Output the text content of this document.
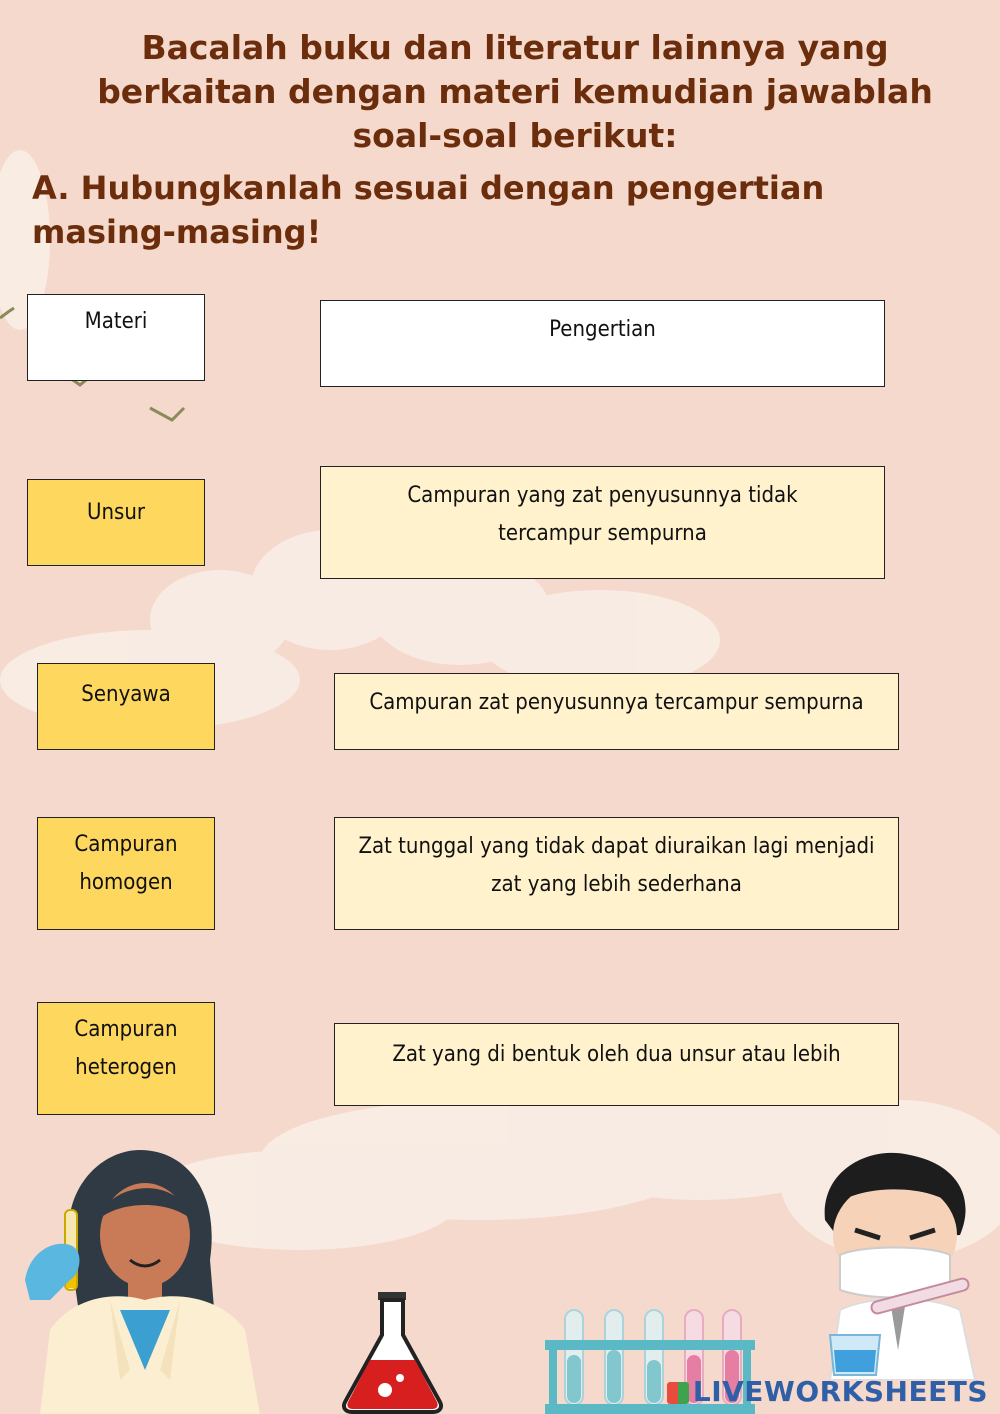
Bacalah buku dan literatur lainnya yang berkaitan dengan materi kemudian jawablah soal-soal berikut:
A. Hubungkanlah sesuai dengan pengertian masing-masing!
Materi	Pengertian
Unsur
Senyawa
Campuran homogen
Campuran heterogen
Campuran yang zat penyusunnya tidak tercampur sempurna
Campuran zat penyusunnya tercampur sempurna
Zat tunggal yang tidak dapat diuraikan lagi menjadi zat yang lebih sederhana
Zat yang di bentuk oleh dua unsur atau lebih
LIVEWORKSHEETS
